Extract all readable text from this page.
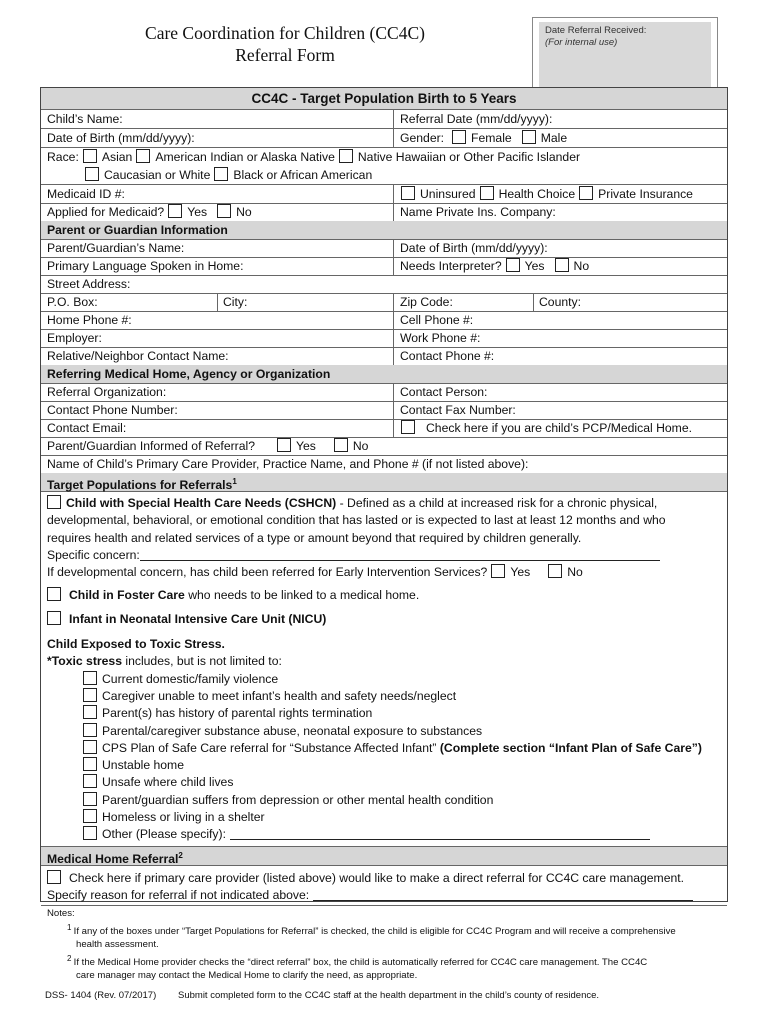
Care Coordination for Children (CC4C)
Referral Form
Date Referral Received:
(For internal use)
CC4C - Target Population Birth to 5 Years
Child’s Name:	Referral Date (mm/dd/yyyy):
Date of Birth (mm/dd/yyyy):	Gender: Female Male
Race: Asian American Indian or Alaska Native Native Hawaiian or Other Pacific Islander
Caucasian or White Black or African American
Medicaid ID #:	Uninsured Health Choice Private Insurance
Applied for Medicaid? Yes No	Name Private Ins. Company:
Parent or Guardian Information
Parent/Guardian’s Name:	Date of Birth (mm/dd/yyyy):
Primary Language Spoken in Home:	Needs Interpreter? Yes No
Street Address:
P.O. Box:	City:	Zip Code:	County:
Home Phone #:	Cell Phone #:
Employer:	Work Phone #:
Relative/Neighbor Contact Name:	Contact Phone #:
Referring Medical Home, Agency or Organization
Referral Organization:	Contact Person:
Contact Phone Number:	Contact Fax Number:
Contact Email:	Check here if you are child’s PCP/Medical Home.
Parent/Guardian Informed of Referral?	Yes	No
Name of Child’s Primary Care Provider, Practice Name, and Phone # (if not listed above):
Target Populations for Referrals$^1$
Child with Special Health Care Needs (CSHCN) - Defined as a child at increased risk for a chronic physical,
developmental, behavioral, or emotional condition that has lasted or is expected to last at least 12 months and who
requires health and related services of a type or amount beyond that required by children generally.
Specific concern:
If developmental concern, has child been referred for Early Intervention Services? Yes	No
Child in Foster Care who needs to be linked to a medical home.
Infant in Neonatal Intensive Care Unit (NICU)
Child Exposed to Toxic Stress.
*Toxic stress includes, but is not limited to:
Current domestic/family violence
Caregiver unable to meet infant’s health and safety needs/neglect
Parent(s) has history of parental rights termination
Parental/caregiver substance abuse, neonatal exposure to substances
CPS Plan of Safe Care referral for “Substance Affected Infant” (Complete section “Infant Plan of Safe Care”)
Unstable home
Unsafe where child lives
Parent/guardian suffers from depression or other mental health condition
Homeless or living in a shelter
Other (Please specify):
Medical Home Referral$^2$
Check here if primary care provider (listed above) would like to make a direct referral for CC4C care management.
Specify reason for referral if not indicated above:
Notes:
$^1$ If any of the boxes under “Target Populations for Referral” is checked, the child is eligible for CC4C Program and will receive a comprehensive
health assessment.
$^2$ If the Medical Home provider checks the “direct referral” box, the child is automatically referred for CC4C care management. The CC4C
care manager may contact the Medical Home to clarify the need, as appropriate.
DSS- 1404 (Rev. 07/2017) Submit completed form to the CC4C staff at the health department in the child’s county of residence.
